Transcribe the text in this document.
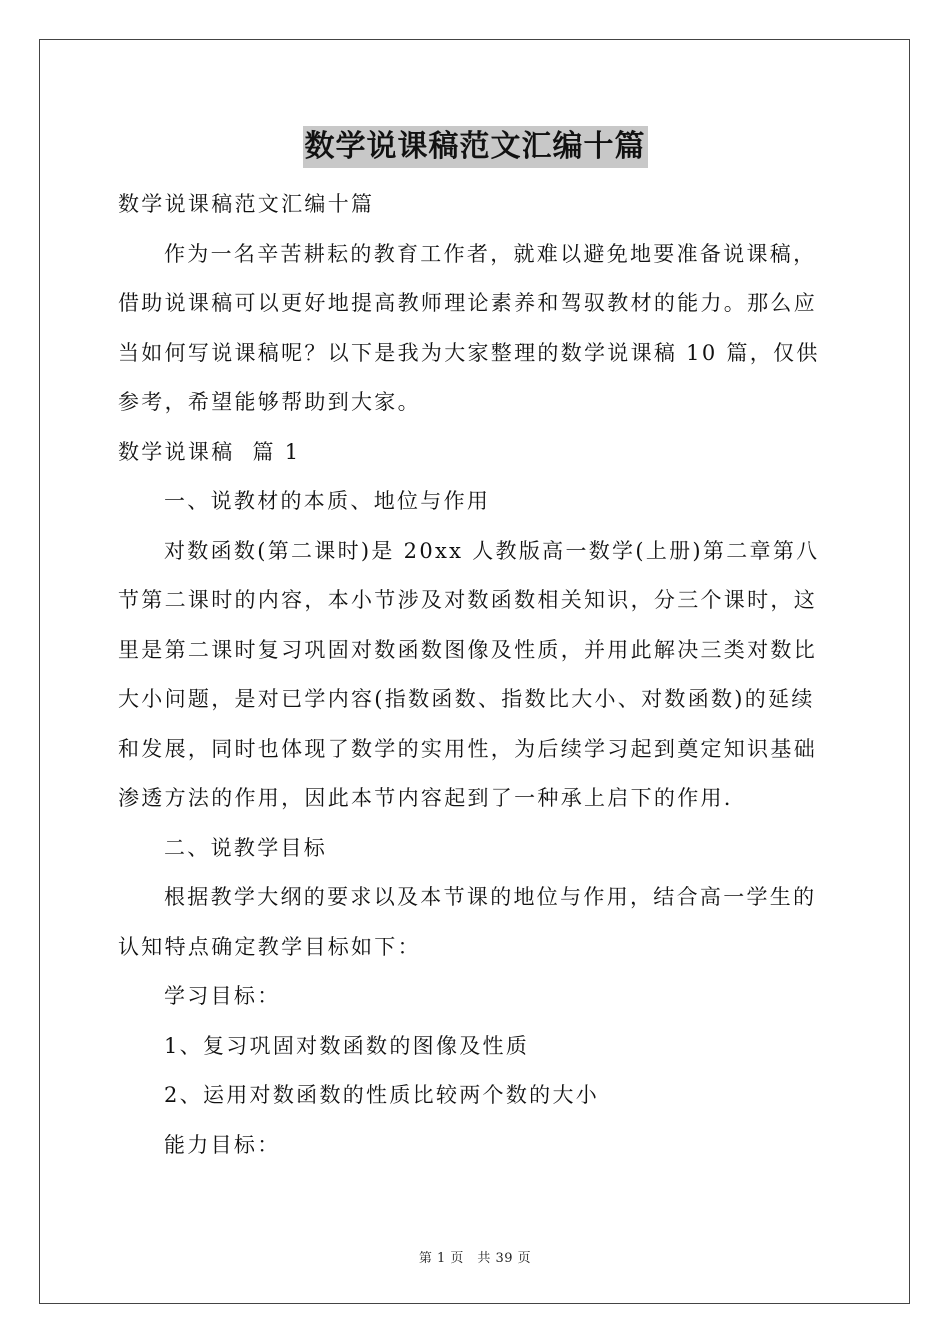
数学说课稿范文汇编十篇

数学说课稿范文汇编十篇

作为一名辛苦耕耘的教育工作者，就难以避免地要准备说课稿，

借助说课稿可以更好地提高教师理论素养和驾驭教材的能力。那么应

当如何写说课稿呢？以下是我为大家整理的数学说课稿 10 篇，仅供

参考，希望能够帮助到大家。

数学说课稿  篇 1

一、说教材的本质、地位与作用

对数函数(第二课时)是 20xx 人教版高一数学(上册)第二章第八

节第二课时的内容，本小节涉及对数函数相关知识，分三个课时，这

里是第二课时复习巩固对数函数图像及性质，并用此解决三类对数比

大小问题，是对已学内容(指数函数、指数比大小、对数函数)的延续

和发展，同时也体现了数学的实用性，为后续学习起到奠定知识基础

渗透方法的作用，因此本节内容起到了一种承上启下的作用.

二、说教学目标

根据教学大纲的要求以及本节课的地位与作用，结合高一学生的

认知特点确定教学目标如下：

学习目标：

1、复习巩固对数函数的图像及性质

2、运用对数函数的性质比较两个数的大小

能力目标：

第 1 页　共 39 页
